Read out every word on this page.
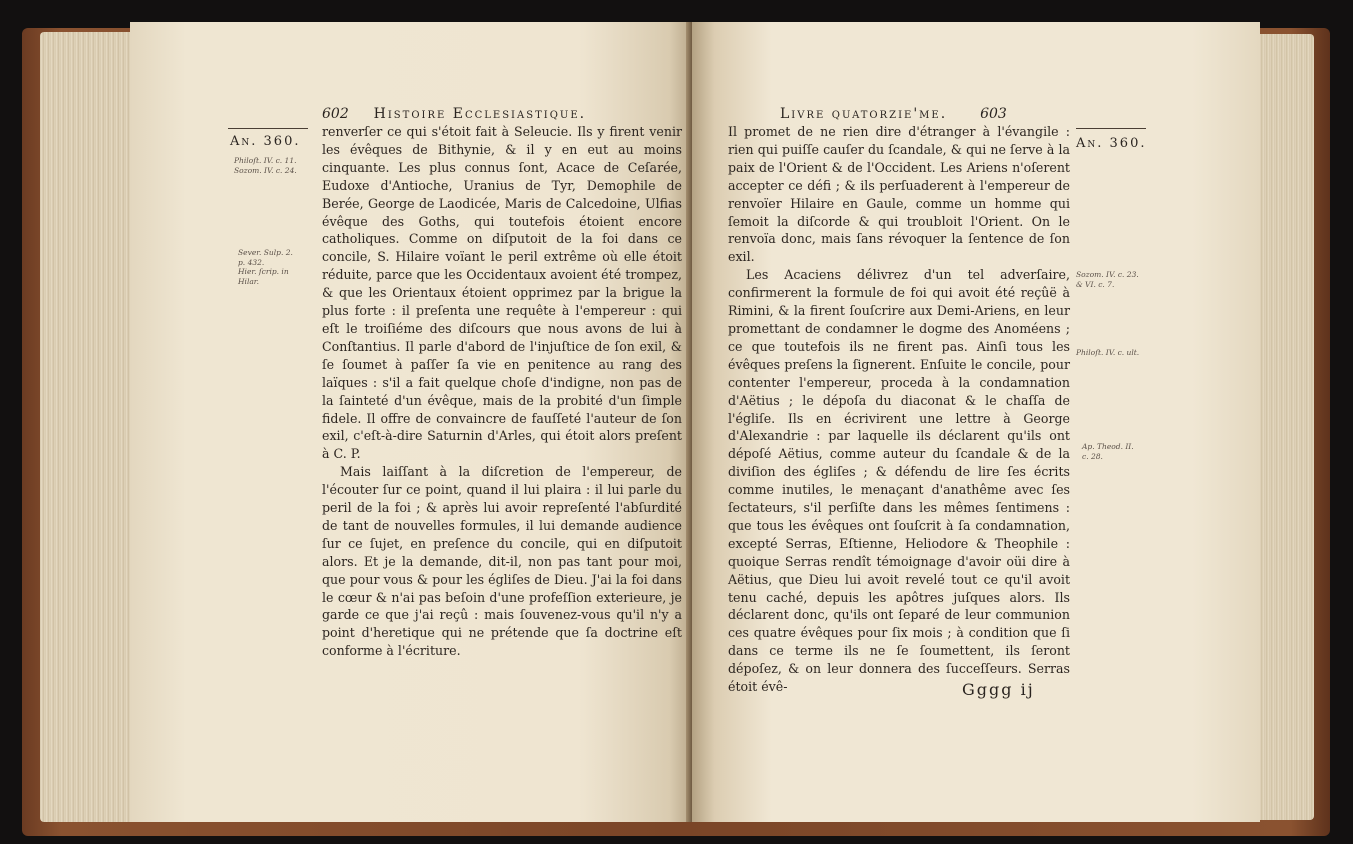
602 Histoire Ecclesiastique.
An. 360.
Philoſt. IV. c. 11.
Sozom. IV. c. 24.
Sever. Sulp. 2.
p. 432.
Hier. ſcrip. in
Hilar.

renverſer ce qui s'étoit fait à Seleucie. Ils y firent venir les évêques de Bithynie, & il y en eut au moins cinquante. Les plus connus ſont, Acace de Ceſarée, Eudoxe d'Antioche, Uranius de Tyr, Demophile de Berée, George de Laodicée, Maris de Calcedoine, Ulfias évêque des Goths, qui toutefois étoient encore catholiques. Comme on diſputoit de la foi dans ce concile, S. Hilaire voïant le peril extrême où elle étoit réduite, parce que les Occidentaux avoient été trompez, & que les Orientaux étoient opprimez par la brigue la plus forte : il preſenta une requête à l'empereur : qui eſt le troiſiéme des diſcours que nous avons de lui à Conſtantius. Il parle d'abord de l'injuſtice de ſon exil, & ſe ſoumet à paſſer ſa vie en penitence au rang des laïques : s'il a fait quelque choſe d'indigne, non pas de la ſainteté d'un évêque, mais de la probité d'un ſimple fidele. Il offre de convaincre de fauſſeté l'auteur de ſon exil, c'eſt-à-dire Saturnin d'Arles, qui étoit alors preſent à C. P.

Mais laiſſant à la diſcretion de l'empereur, de l'écouter ſur ce point, quand il lui plaira : il lui parle du peril de la foi ; & après lui avoir repreſenté l'abſurdité de tant de nouvelles formules, il lui demande audience ſur ce ſujet, en preſence du concile, qui en diſputoit alors. Et je la demande, dit-il, non pas tant pour moi, que pour vous & pour les égliſes de Dieu. J'ai la foi dans le cœur & n'ai pas beſoin d'une profeſſion exterieure, je garde ce que j'ai reçû : mais ſouvenez-vous qu'il n'y a point d'heretique qui ne prétende que ſa doctrine eſt conforme à l'écriture.

Livre quatorzie'me. 603
An. 360.
Sozom. IV. c. 23.
& VI. c. 7.
Philoſt. IV. c. ult.
Ap. Theod. II.
c. 28.

Il promet de ne rien dire d'étranger à l'évangile : rien qui puiſſe cauſer du ſcandale, & qui ne ſerve à la paix de l'Orient & de l'Occident. Les Ariens n'oſerent accepter ce défi ; & ils perſuaderent à l'empereur de renvoïer Hilaire en Gaule, comme un homme qui ſemoit la diſcorde & qui troubloit l'Orient. On le renvoïa donc, mais ſans révoquer la ſentence de ſon exil.

Les Acaciens délivrez d'un tel adverſaire, confirmerent la formule de foi qui avoit été reçûë à Rimini, & la firent ſouſcrire aux Demi-Ariens, en leur promettant de condamner le dogme des Anoméens ; ce que toutefois ils ne firent pas. Ainſi tous les évêques preſens la ſignerent. Enſuite le concile, pour contenter l'empereur, proceda à la condamnation d'Aëtius ; le dépoſa du diaconat & le chaſſa de l'égliſe. Ils en écrivirent une lettre à George d'Alexandrie : par laquelle ils déclarent qu'ils ont dépoſé Aëtius, comme auteur du ſcandale & de la diviſion des égliſes ; & défendu de lire ſes écrits comme inutiles, le menaçant d'anathême avec ſes ſectateurs, s'il perſiſte dans les mêmes ſentimens : que tous les évêques ont ſouſcrit à ſa condamnation, excepté Serras, Eſtienne, Heliodore & Theophile : quoique Serras rendît témoignage d'avoir oüi dire à Aëtius, que Dieu lui avoit revelé tout ce qu'il avoit tenu caché, depuis les apôtres juſques alors. Ils déclarent donc, qu'ils ont ſeparé de leur communion ces quatre évêques pour ſix mois ; à condition que ſi dans ce terme ils ne ſe ſoumettent, ils ſeront dépoſez, & on leur donnera des ſucceſſeurs. Serras étoit évê-	Gggg ij
